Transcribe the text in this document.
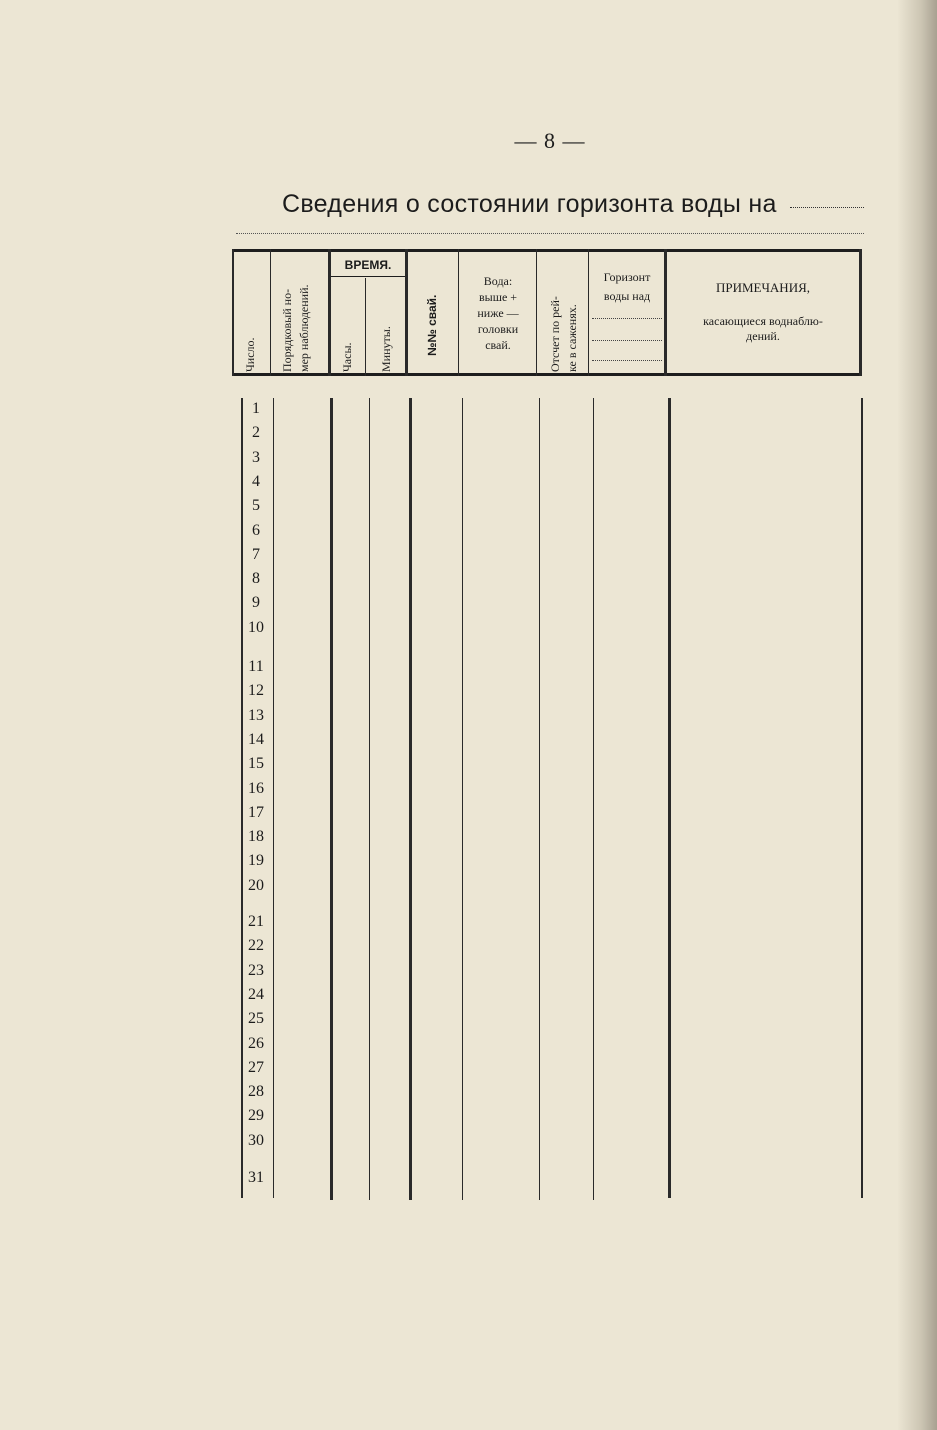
— 8 —
Сведения о состоянии горизонта воды на
Число. Порядковый но- мер наблюдений.
ВРЕМЯ.
Часы. Минуты.	№№ свай.
Вода:
выше +
ниже —
головки
свай.	Отсчет по рей- ке в саженях.
Горизонт
воды над
ПРИМЕЧАНИЯ,
касающиеся воднаблю-
дений.
1
2
3
4
5
6
7
8
9
10
11
12
13
14
15
16
17
18
19
20
21
22
23
24
25
26
27
28
29
30
31
